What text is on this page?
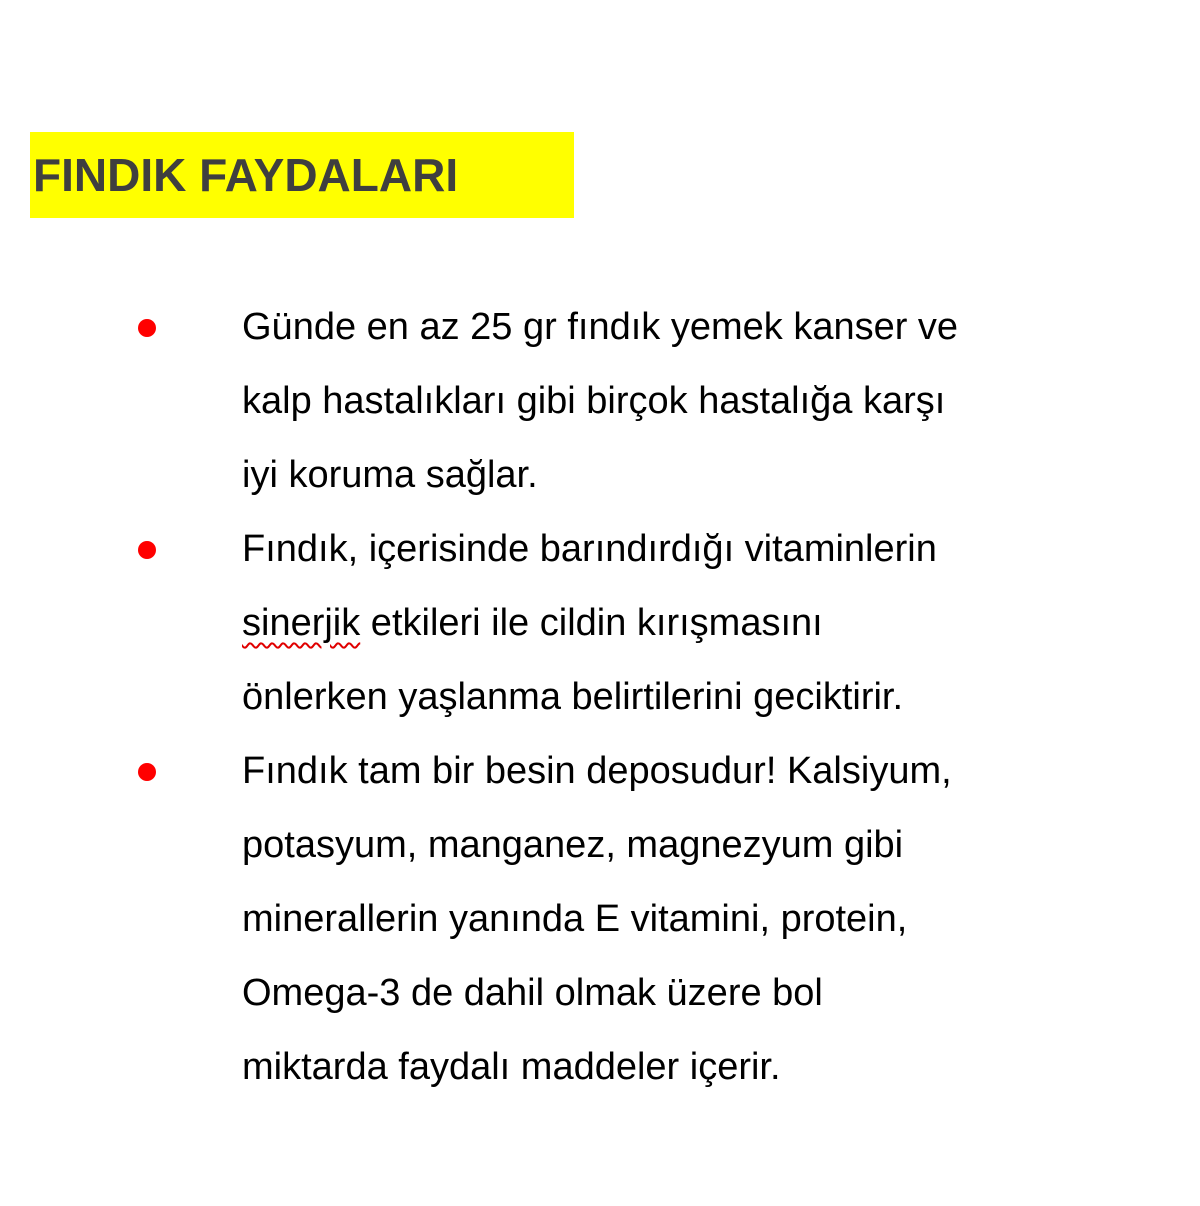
FINDIK FAYDALARI
Günde en az 25 gr fındık yemek kanser ve
kalp hastalıkları gibi birçok hastalığa karşı
iyi koruma sağlar.
Fındık, içerisinde barındırdığı vitaminlerin
sinerjik etkileri ile cildin kırışmasını
önlerken yaşlanma belirtilerini geciktirir.
Fındık tam bir besin deposudur! Kalsiyum,
potasyum, manganez, magnezyum gibi
minerallerin yanında E vitamini, protein,
Omega-3 de dahil olmak üzere bol
miktarda faydalı maddeler içerir.
